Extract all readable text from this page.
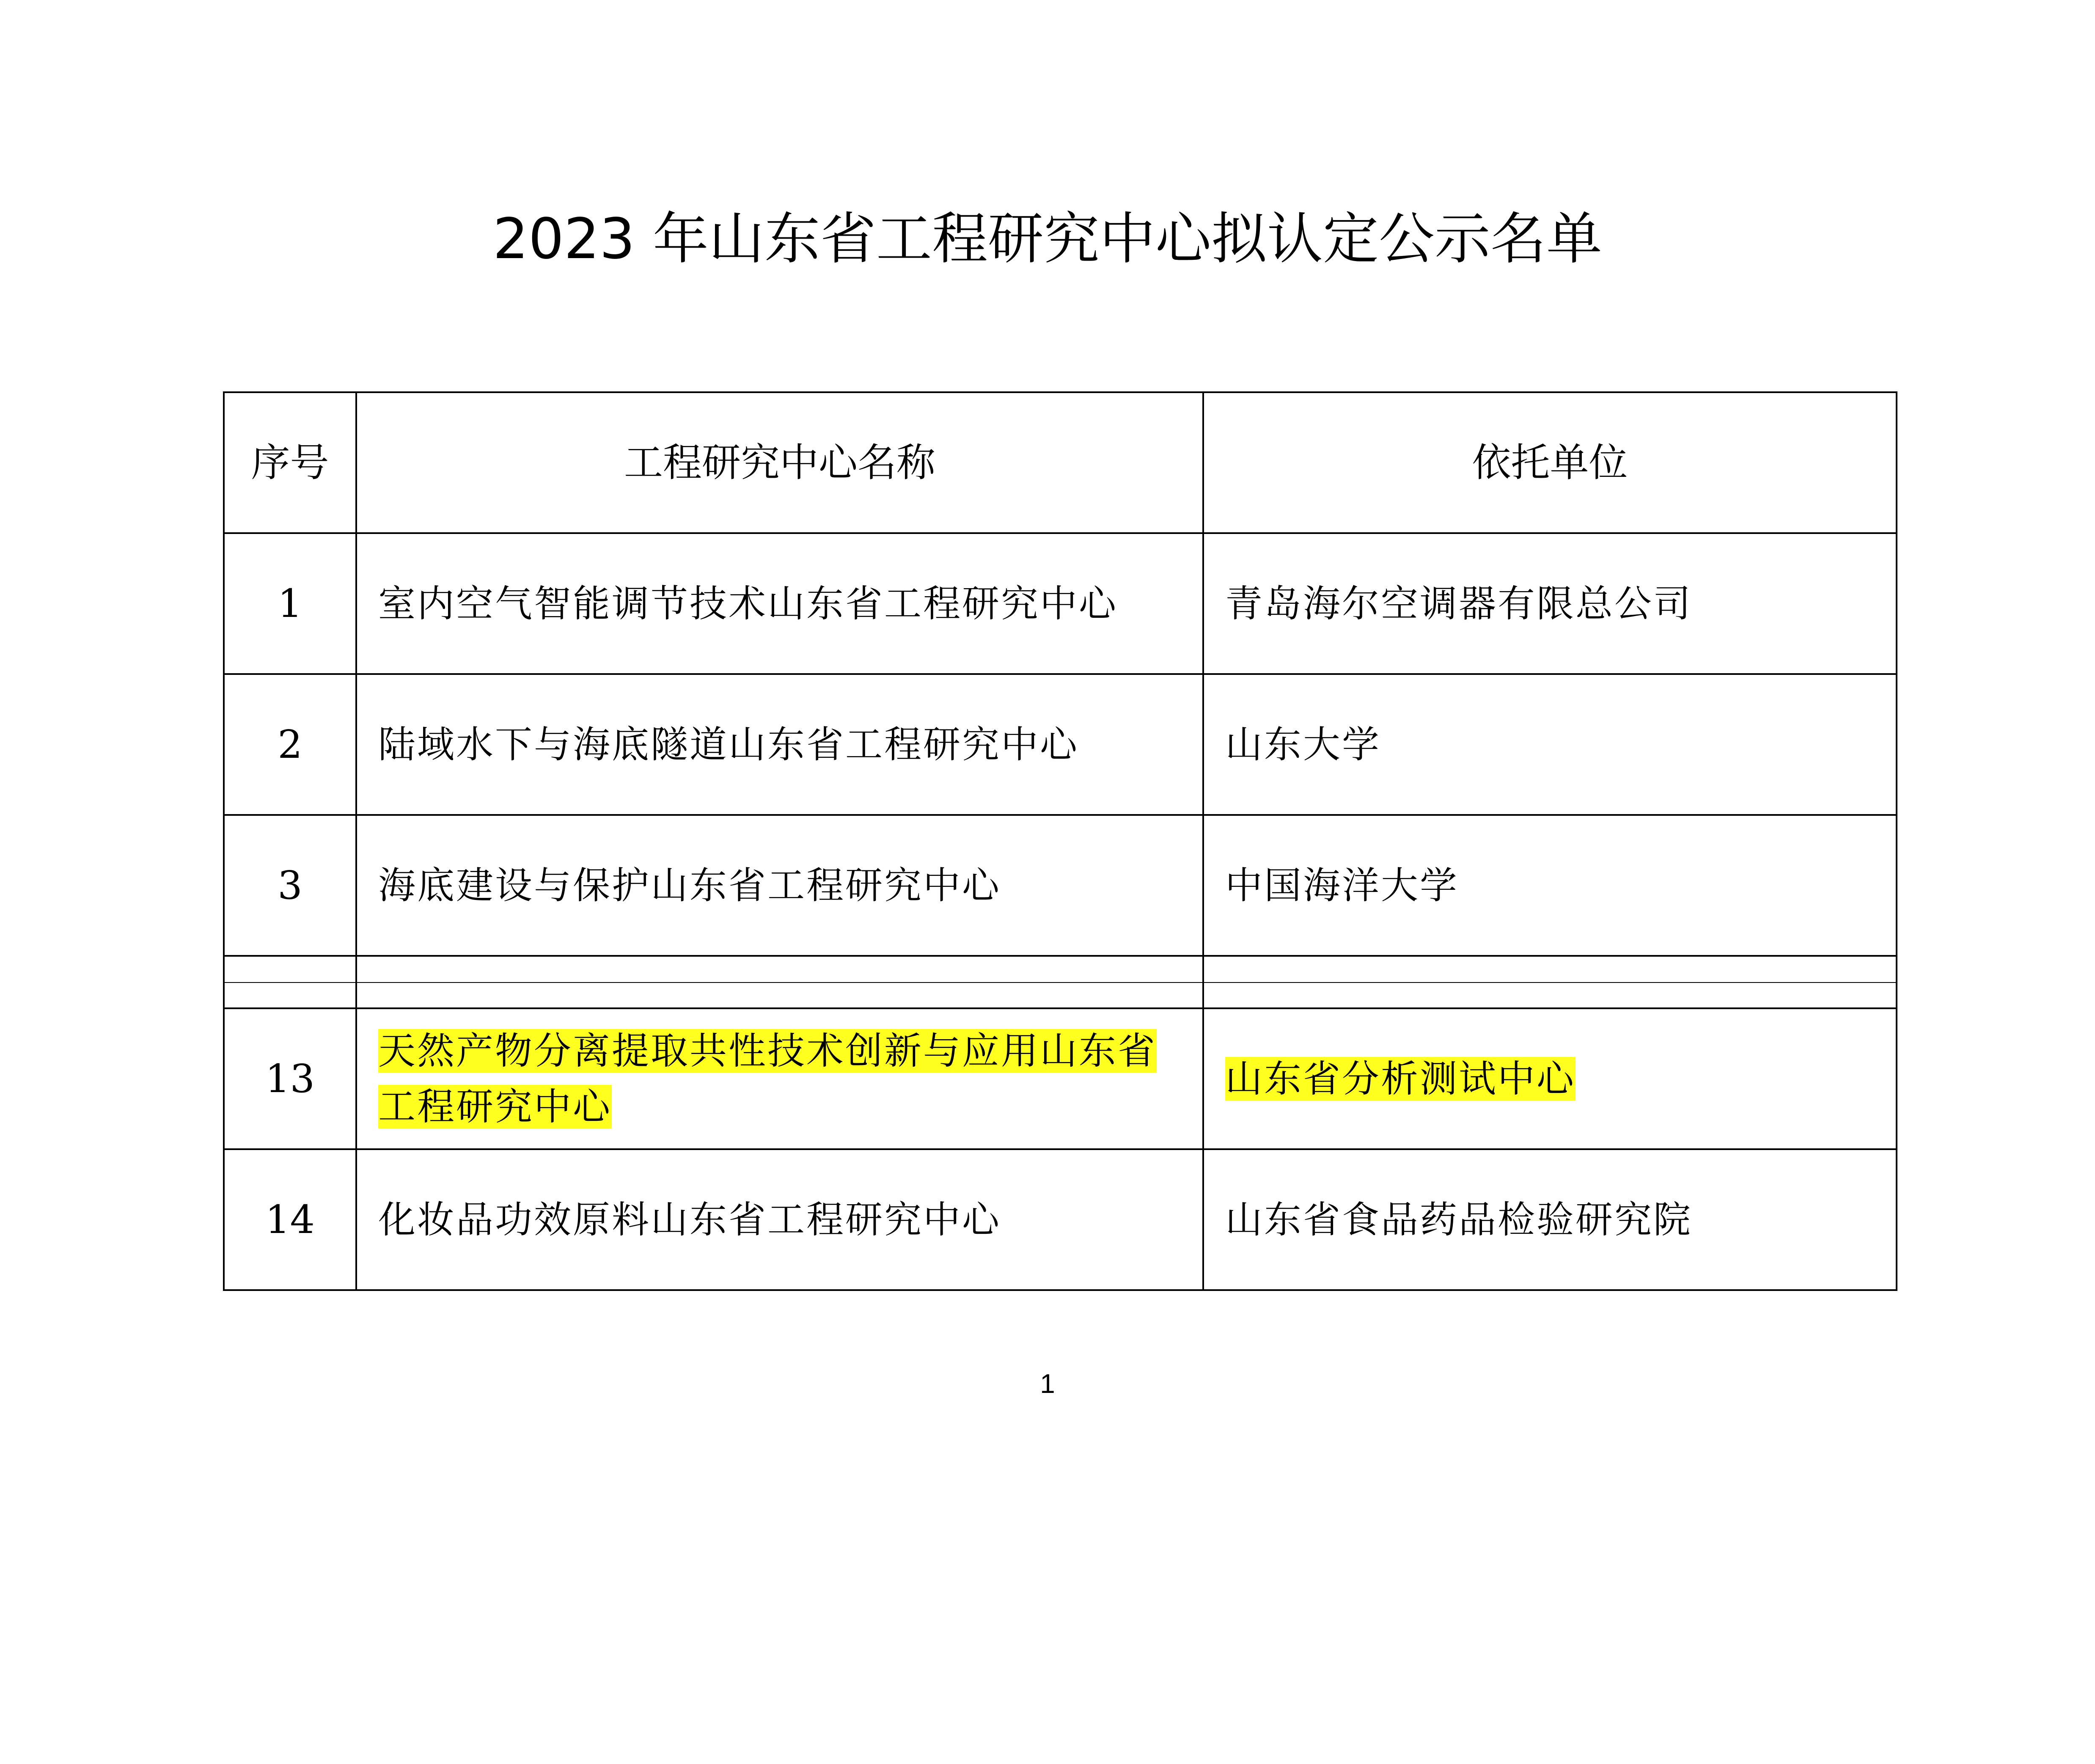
2023 年山东省工程研究中心拟认定公示名单
序号	工程研究中心名称	依托单位
1	室内空气智能调节技术山东省工程研究中心	青岛海尔空调器有限总公司
2	陆域水下与海底隧道山东省工程研究中心	山东大学
3	海底建设与保护山东省工程研究中心	中国海洋大学

13	天然产物分离提取共性技术创新与应用山东省工程研究中心	山东省分析测试中心
14	化妆品功效原料山东省工程研究中心	山东省食品药品检验研究院
1
